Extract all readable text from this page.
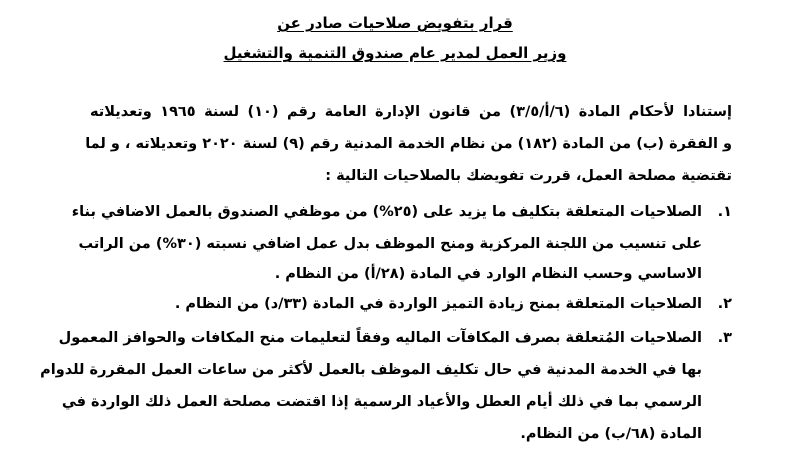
قرار بتفويض صلاحيات صادر عن
وزير العمل لمدير عام صندوق التنمية والتشغيل
إستنادا لأحكام المادة (٦/أ/٣/٥) من قانون الإدارة العامة رقم (١٠) لسنة ١٩٦٥ وتعديلاته
و الفقرة (ب) من المادة (١٨٢) من نظام الخدمة المدنية رقم (٩) لسنة ٢٠٢٠ وتعديلاته ، و لما
تقتضية مصلحة العمل، قررت تفويضك بالصلاحيات التالية :
١.
الصلاحيات المتعلقة بتكليف ما يزيد على (٢٥%) من موظفي الصندوق بالعمل الاضافي بناء
على تنسيب من اللجنة المركزية ومنح الموظف بدل عمل اضافي نسبته (٣٠%) من الراتب
الاساسي وحسب النظام الوارد في المادة (٢٨/أ) من النظام .
٢.
الصلاحيات المتعلقة بمنح زيادة التميز الواردة في المادة (٣٣/د) من النظام .
٣.
الصلاحيات المُتعلقة بصرف المكافآت الماليه وفقاً لتعليمات منح المكافات والحوافز المعمول
بها في الخدمة المدنية في حال تكليف الموظف بالعمل لأكثر من ساعات العمل المقررة للدوام
الرسمي بما في ذلك أيام العطل والأعياد الرسمية إذا اقتضت مصلحة العمل ذلك الواردة في
المادة (٦٨/ب) من النظام.
